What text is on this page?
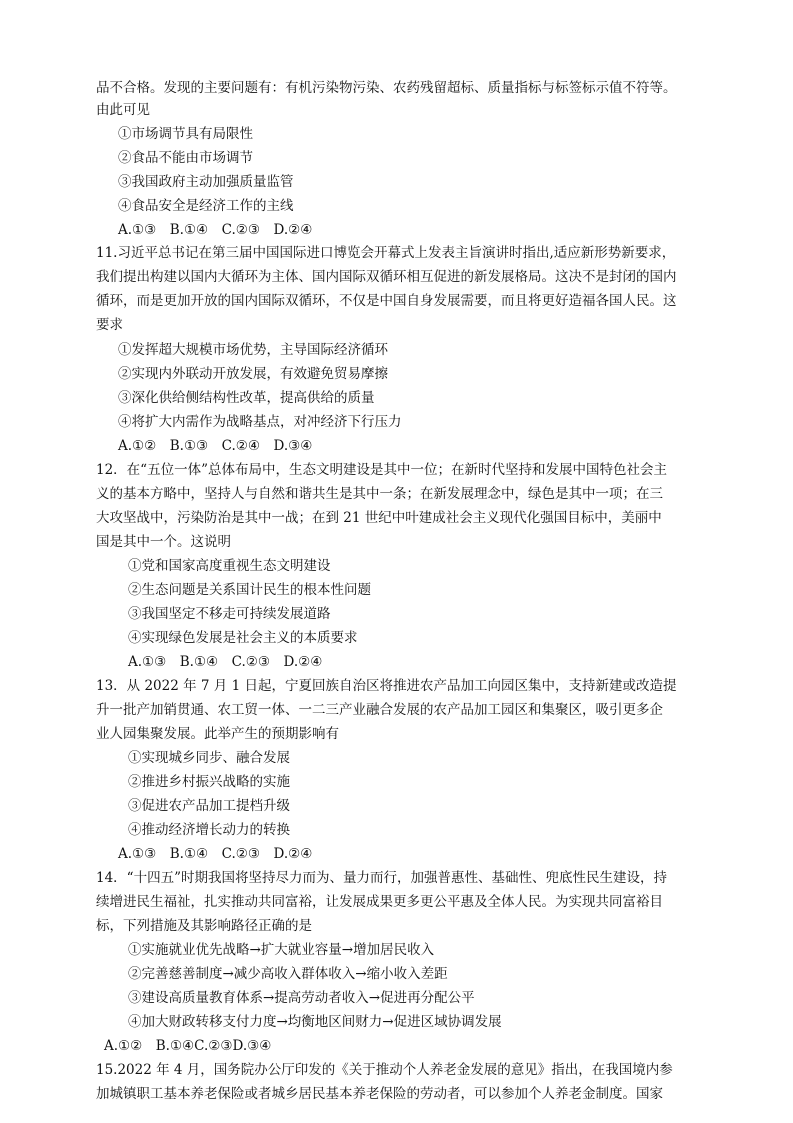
品不合格。发现的主要问题有：有机污染物污染、农药残留超标、质量指标与标签标示值不符等。
由此可见
①市场调节具有局限性
②食品不能由市场调节
③我国政府主动加强质量监管
④食品安全是经济工作的主线
A.①③　B.①④　C.②③　D.②④
11.习近平总书记在第三届中国国际进口博览会开幕式上发表主旨演讲时指出,适应新形势新要求，
我们提出构建以国内大循环为主体、国内国际双循环相互促进的新发展格局。这决不是封闭的国内
循环，而是更加开放的国内国际双循环，不仅是中国自身发展需要，而且将更好造福各国人民。这
要求
①发挥超大规模市场优势，主导国际经济循环
②实现内外联动开放发展，有效避免贸易摩擦
③深化供给侧结构性改革，提高供给的质量
④将扩大内需作为战略基点，对冲经济下行压力
A.①②　B.①③　C.②④　D.③④
12．在“五位一体”总体布局中，生态文明建设是其中一位；在新时代坚持和发展中国特色社会主
义的基本方略中，坚持人与自然和谐共生是其中一条；在新发展理念中，绿色是其中一项；在三
大攻坚战中，污染防治是其中一战；在到 21 世纪中叶建成社会主义现代化强国目标中，美丽中
国是其中一个。这说明
①党和国家高度重视生态文明建设
②生态问题是关系国计民生的根本性问题
③我国坚定不移走可持续发展道路
④实现绿色发展是社会主义的本质要求
A.①③　B.①④　C.②③　D.②④
13．从 2022 年 7 月 1 日起，宁夏回族自治区将推进农产品加工向园区集中，支持新建或改造提
升一批产加销贯通、农工贸一体、一二三产业融合发展的农产品加工园区和集聚区，吸引更多企
业人园集聚发展。此举产生的预期影响有
①实现城乡同步、融合发展
②推进乡村振兴战略的实施
③促进农产品加工提档升级
④推动经济增长动力的转换
A.①③　B.①④　C.②③　D.②④
14．“十四五”时期我国将坚持尽力而为、量力而行，加强普惠性、基础性、兜底性民生建设，持
续增进民生福祉，扎实推动共同富裕，让发展成果更多更公平惠及全体人民。为实现共同富裕目
标，下列措施及其影响路径正确的是
①实施就业优先战略→扩大就业容量→增加居民收入
②完善慈善制度→减少高收入群体收入→缩小收入差距
③建设高质量教育体系→提高劳动者收入→促进再分配公平
④加大财政转移支付力度→均衡地区间财力→促进区域协调发展
A.①②　B.①④C.②③D.③④
15.2022 年 4 月，国务院办公厅印发的《关于推动个人养老金发展的意见》指出，在我国境内参
加城镇职工基本养老保险或者城乡居民基本养老保险的劳动者，可以参加个人养老金制度。国家
